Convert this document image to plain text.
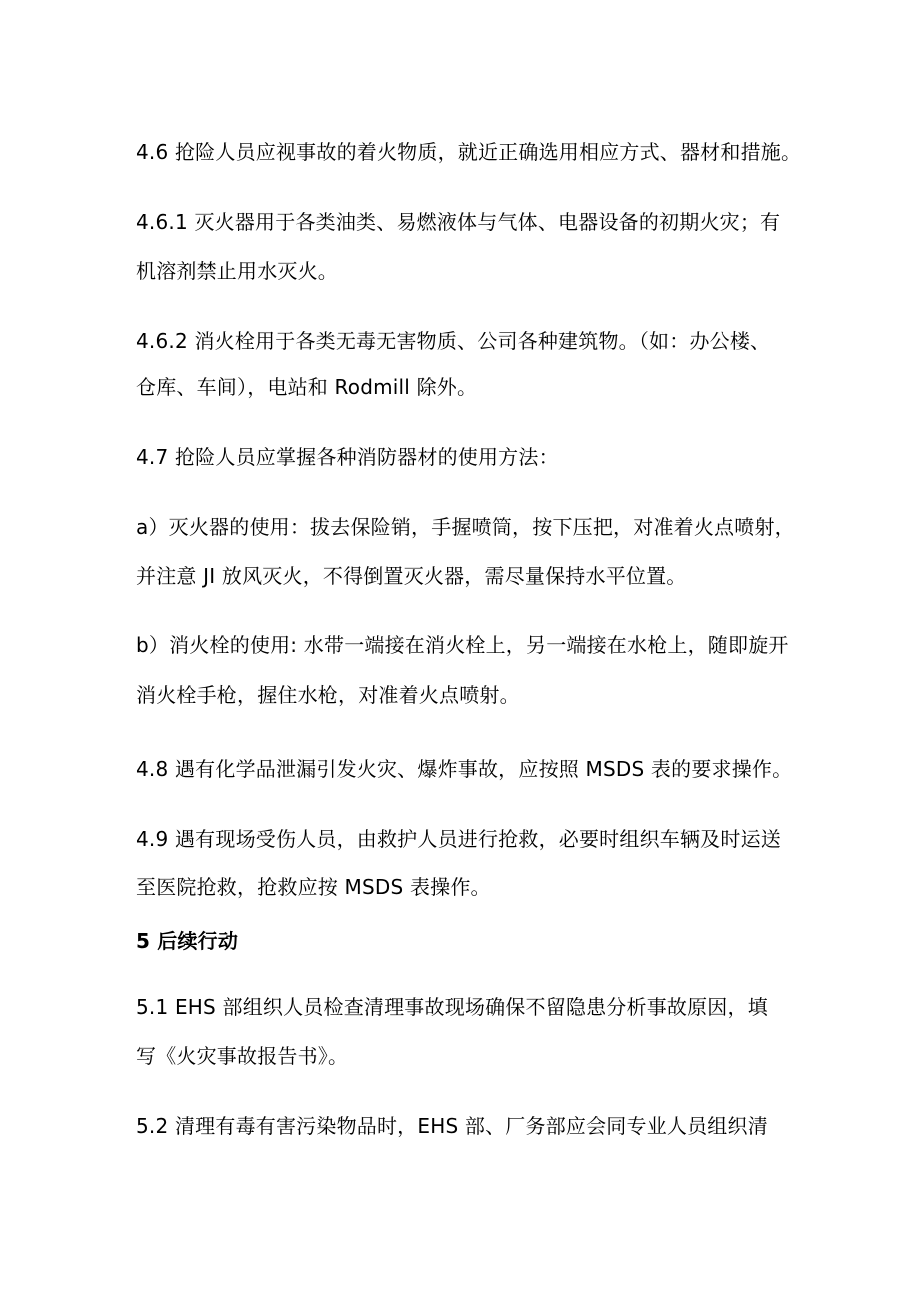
4.6 抢险人员应视事故的着火物质，就近正确选用相应方式、器材和措施。
4.6.1 灭火器用于各类油类、易燃液体与气体、电器设备的初期火灾；有
机溶剂禁止用水灭火。
4.6.2 消火栓用于各类无毒无害物质、公司各种建筑物。（如：办公楼、
仓库、车间），电站和 Rodmill 除外。
4.7 抢险人员应掌握各种消防器材的使用方法：
a）灭火器的使用：拔去保险销，手握喷筒，按下压把，对准着火点喷射，
并注意 JI 放风灭火，不得倒置灭火器，需尽量保持水平位置。
b）消火栓的使用: 水带一端接在消火栓上，另一端接在水枪上，随即旋开
消火栓手枪，握住水枪，对准着火点喷射。
4.8 遇有化学品泄漏引发火灾、爆炸事故，应按照 MSDS 表的要求操作。
4.9 遇有现场受伤人员，由救护人员进行抢救，必要时组织车辆及时运送
至医院抢救，抢救应按 MSDS 表操作。
5 后续行动
5.1 EHS 部组织人员检查清理事故现场确保不留隐患分析事故原因，填
写《火灾事故报告书》。
5.2 清理有毒有害污染物品时，EHS 部、厂务部应会同专业人员组织清
